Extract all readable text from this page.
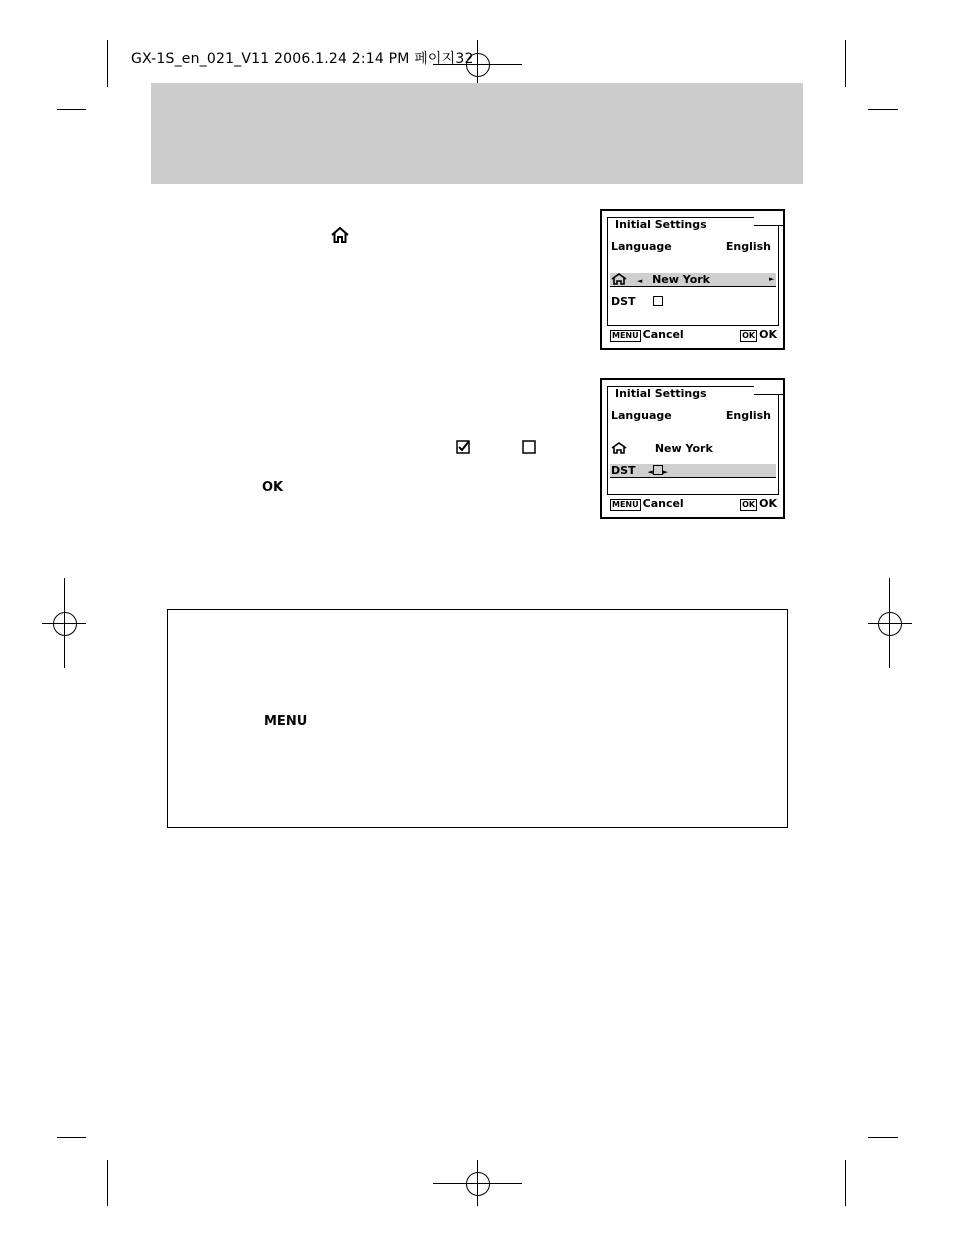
GX-1S_en_021_V11 2006.1.24 2:14 PM 페이지32
OK
MENU
Initial Settings
Language	English
◄ New York	►
DST
MENU Cancel	OK OK
Initial Settings
Language	English
New York
DST ◄ ►
MENU Cancel	OK OK
